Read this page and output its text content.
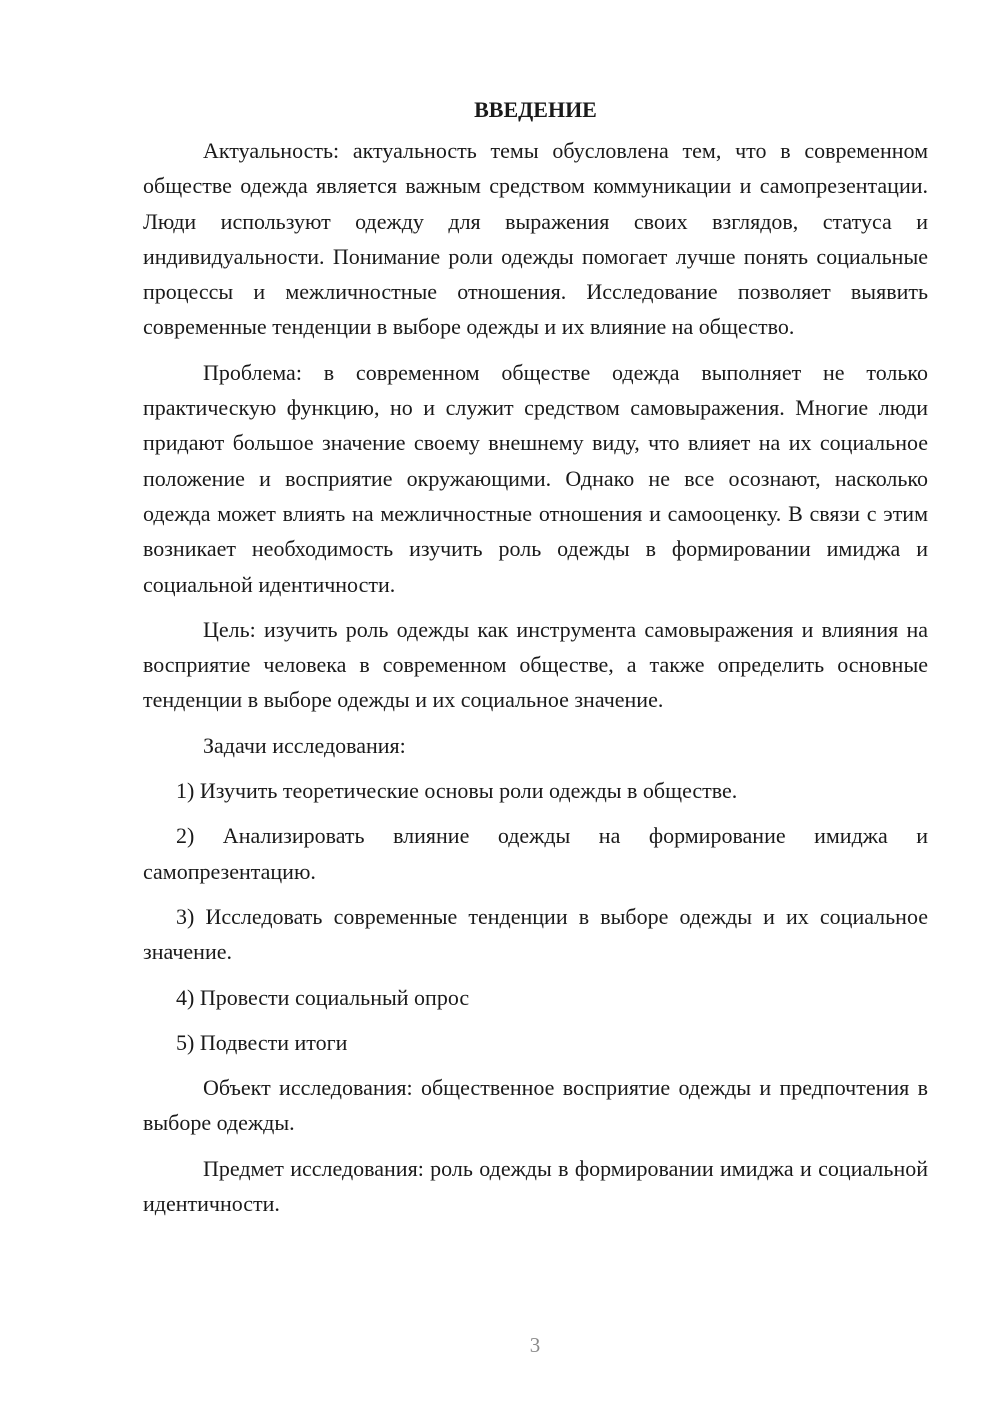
ВВЕДЕНИЕ

Актуальность: актуальность темы обусловлена тем, что в современном обществе одежда является важным средством коммуникации и самопрезентации. Люди используют одежду для выражения своих взглядов, статуса и индивидуальности. Понимание роли одежды помогает лучше понять социальные процессы и межличностные отношения. Исследование позволяет выявить современные тенденции в выборе одежды и их влияние на общество.

Проблема: в современном обществе одежда выполняет не только практическую функцию, но и служит средством самовыражения. Многие люди придают большое значение своему внешнему виду, что влияет на их социальное положение и восприятие окружающими. Однако не все осознают, насколько одежда может влиять на межличностные отношения и самооценку. В связи с этим возникает необходимость изучить роль одежды в формировании имиджа и социальной идентичности.

Цель: изучить роль одежды как инструмента самовыражения и влияния на восприятие человека в современном обществе, а также определить основные тенденции в выборе одежды и их социальное значение.

Задачи исследования:

1) Изучить теоретические основы роли одежды в обществе.

2) Анализировать влияние одежды на формирование имиджа и самопрезентацию.

3) Исследовать современные тенденции в выборе одежды и их социальное значение.

4) Провести социальный опрос

5) Подвести итоги

Объект исследования: общественное восприятие одежды и предпочтения в выборе одежды.

Предмет исследования: роль одежды в формировании имиджа и социальной идентичности.

3
